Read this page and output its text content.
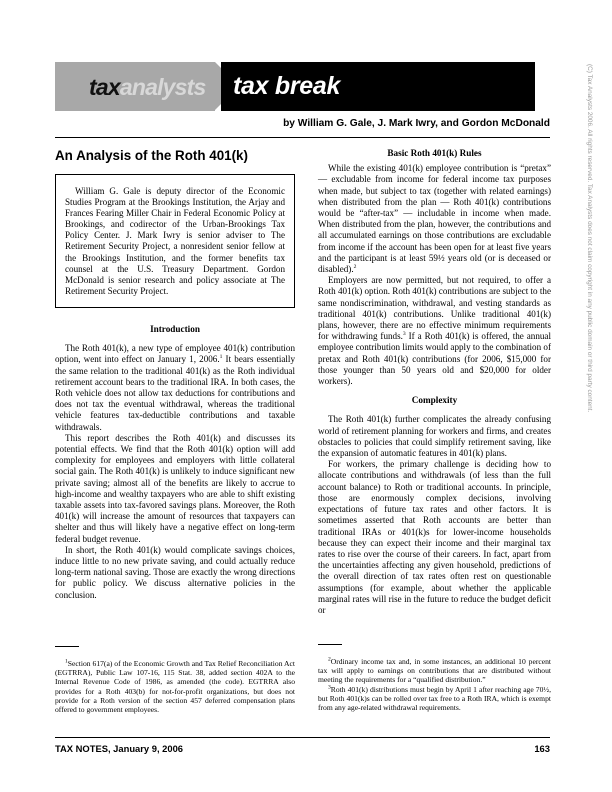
taxanalysts tax break
by William G. Gale, J. Mark Iwry, and Gordon McDonald	(C) Tax Analysts 2006. All rights reserved. Tax Analysts does not claim copyright in any public domain or third party content.
An Analysis of the Roth 401(k)

William G. Gale is deputy director of the Economic Studies Program at the Brookings Institution, the Arjay and Frances Fearing Miller Chair in Federal Economic Policy at Brookings, and codirector of the Urban-Brookings Tax Policy Center. J. Mark Iwry is senior adviser to The Retirement Security Project, a nonresident senior fellow at the Brookings Institution, and the former benefits tax counsel at the U.S. Treasury Department. Gordon McDonald is senior research and policy associate at The Retirement Security Project.

Introduction

The Roth 401(k), a new type of employee 401(k) contribution option, went into effect on January 1, 2006.$^1$ It bears essentially the same relation to the traditional 401(k) as the Roth individual retirement account bears to the traditional IRA. In both cases, the Roth vehicle does not allow tax deductions for contributions and does not tax the eventual withdrawal, whereas the traditional vehicle features tax-deductible contributions and taxable withdrawals.

This report describes the Roth 401(k) and discusses its potential effects. We find that the Roth 401(k) option will add complexity for employees and employers with little collateral social gain. The Roth 401(k) is unlikely to induce significant new private saving; almost all of the benefits are likely to accrue to high-income and wealthy taxpayers who are able to shift existing taxable assets into tax-favored savings plans. Moreover, the Roth 401(k) will increase the amount of resources that taxpayers can shelter and thus will likely have a negative effect on long-term federal budget revenue.

In short, the Roth 401(k) would complicate savings choices, induce little to no new private saving, and could actually reduce long-term national saving. Those are exactly the wrong directions for public policy. We discuss alternative policies in the conclusion.

Basic Roth 401(k) Rules

While the existing 401(k) employee contribution is “pretax” — excludable from income for federal income tax purposes when made, but subject to tax (together with related earnings) when distributed from the plan — Roth 401(k) contributions would be “after-tax” — includable in income when made. When distributed from the plan, however, the contributions and all accumulated earnings on those contributions are excludable from income if the account has been open for at least five years and the participant is at least 59½ years old (or is deceased or disabled).$^2$

Employers are now permitted, but not required, to offer a Roth 401(k) option. Roth 401(k) contributions are subject to the same nondiscrimination, withdrawal, and vesting standards as traditional 401(k) contributions. Unlike traditional 401(k) plans, however, there are no effective minimum requirements for withdrawing funds.$^3$ If a Roth 401(k) is offered, the annual employee contribution limits would apply to the combination of pretax and Roth 401(k) contributions (for 2006, $15,000 for those younger than 50 years old and $20,000 for older workers).

Complexity

The Roth 401(k) further complicates the already confusing world of retirement planning for workers and firms, and creates obstacles to policies that could simplify retirement saving, like the expansion of automatic features in 401(k) plans.

For workers, the primary challenge is deciding how to allocate contributions and withdrawals (of less than the full account balance) to Roth or traditional accounts. In principle, those are enormously complex decisions, involving expectations of future tax rates and other factors. It is sometimes asserted that Roth accounts are better than traditional IRAs or 401(k)s for lower-income households because they can expect their income and their marginal tax rates to rise over the course of their careers. In fact, apart from the uncertainties affecting any given household, predictions of the overall direction of tax rates often rest on questionable assumptions (for example, about whether the applicable marginal rates will rise in the future to reduce the budget deficit or

$^1$Section 617(a) of the Economic Growth and Tax Relief Reconciliation Act (EGTRRA), Public Law 107-16, 115 Stat. 38, added section 402A to the Internal Revenue Code of 1986, as amended (the code). EGTRRA also provides for a Roth 403(b) for not-for-profit organizations, but does not provide for a Roth version of the section 457 deferred compensation plans offered to government employees.

$^2$Ordinary income tax and, in some instances, an additional 10 percent tax will apply to earnings on contributions that are distributed without meeting the requirements for a “qualified distribution.”

$^3$Roth 401(k) distributions must begin by April 1 after reaching age 70½, but Roth 401(k)s can be rolled over tax free to a Roth IRA, which is exempt from any age-related withdrawal requirements.

TAX NOTES, January 9, 2006	163
